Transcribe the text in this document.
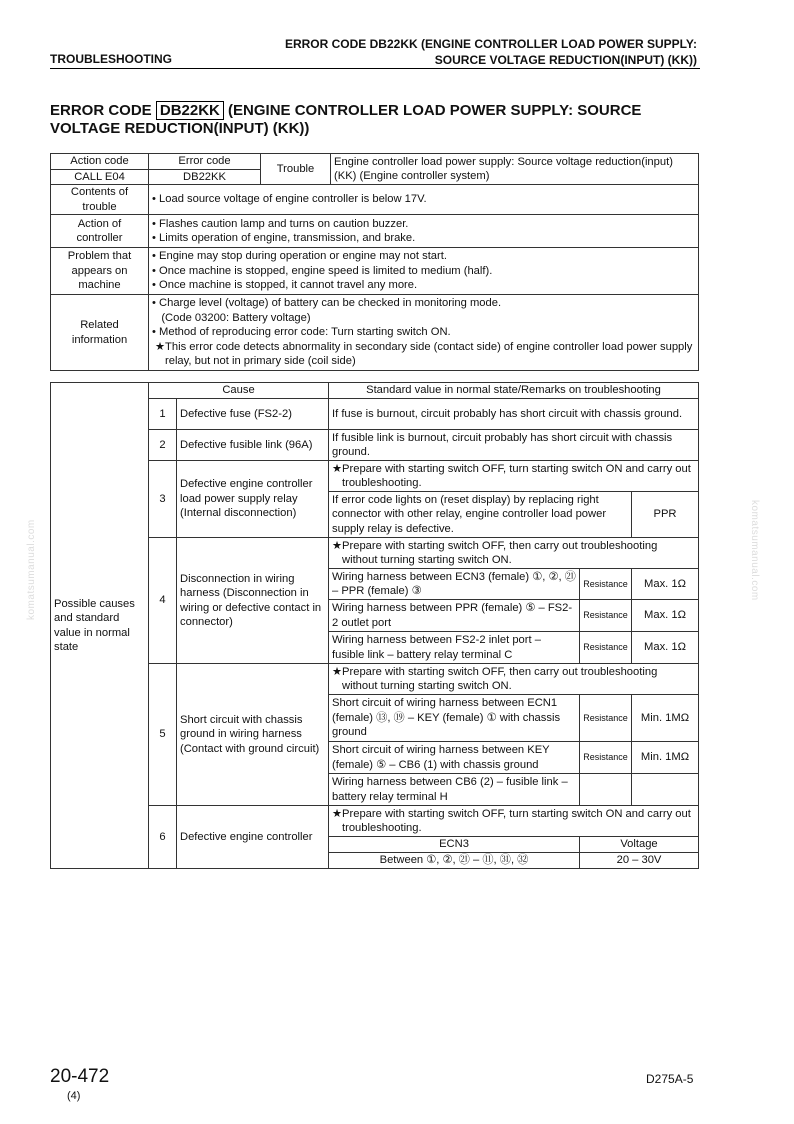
TROUBLESHOOTING
ERROR CODE DB22KK (ENGINE CONTROLLER LOAD POWER SUPPLY:
SOURCE VOLTAGE REDUCTION(INPUT) (KK))
ERROR CODE DB22KK (ENGINE CONTROLLER LOAD POWER SUPPLY: SOURCE
VOLTAGE REDUCTION(INPUT) (KK))
Action code	Error code	Trouble	Engine controller load power supply: Source voltage reduction(input) (KK) (Engine controller system)
CALL E04	DB22KK		
Contents of trouble	• Load source voltage of engine controller is below 17V.		

Action of controller	• Flashes caution lamp and turns on caution buzzer.
• Limits operation of engine, transmission, and brake.		

Problem that appears on machine	• Engine may stop during operation or engine may not start.
• Once machine is stopped, engine speed is limited to medium (half).
• Once machine is stopped, it cannot travel any more.		

Related information	• Charge level (voltage) of battery can be checked in monitoring mode.
(Code 03200: Battery voltage)
• Method of reproducing error code: Turn starting switch ON.
★This error code detects abnormality in secondary side (contact side) of engine controller load power supply relay, but not in primary side (coil side)		
Possible causes and standard value in normal state	Cause		Standard value in normal state/Remarks on troubleshooting		
	1	Defective fuse (FS2-2)	If fuse is burnout, circuit probably has short circuit with chassis ground.		
	2	Defective fusible link (96A)	If fusible link is burnout, circuit probably has short circuit with chassis ground.		
	3	Defective engine controller load power supply relay (Internal disconnection)	★Prepare with starting switch OFF, turn starting switch ON and carry out troubleshooting.		
			If error code lights on (reset display) by replacing right connector with other relay, engine controller load power supply relay is defective.		PPR
	4	Disconnection in wiring harness (Disconnection in wiring or defective contact in connector)	★Prepare with starting switch OFF, then carry out troubleshooting without turning starting switch ON.		
			Wiring harness between ECN3 (female) ①, ②, ㉑ – PPR (female) ③	Resistance	Max. 1Ω
			Wiring harness between PPR (female) ⑤ – FS2-2 outlet port	Resistance	Max. 1Ω
			Wiring harness between FS2-2 inlet port – fusible link – battery relay terminal C	Resistance	Max. 1Ω
	5	Short circuit with chassis ground in wiring harness (Contact with ground circuit)	★Prepare with starting switch OFF, then carry out troubleshooting without turning starting switch ON.		
			Short circuit of wiring harness between ECN1 (female) ⑬, ⑲ – KEY (female) ① with chassis ground	Resistance	Min. 1MΩ
			Short circuit of wiring harness between KEY (female) ⑤ – CB6 (1) with chassis ground	Resistance	Min. 1MΩ
			Wiring harness between CB6 (2) – fusible link – battery relay terminal H		
	6	Defective engine controller	★Prepare with starting switch OFF, turn starting switch ON and carry out troubleshooting.		
			ECN3	Voltage	
			Between ①, ②, ㉑ – ⑪, ㉛, ㉜	20 – 30V	
20-472
(4)
D275A-5
komatsumanual.com	komatsumanual.com
